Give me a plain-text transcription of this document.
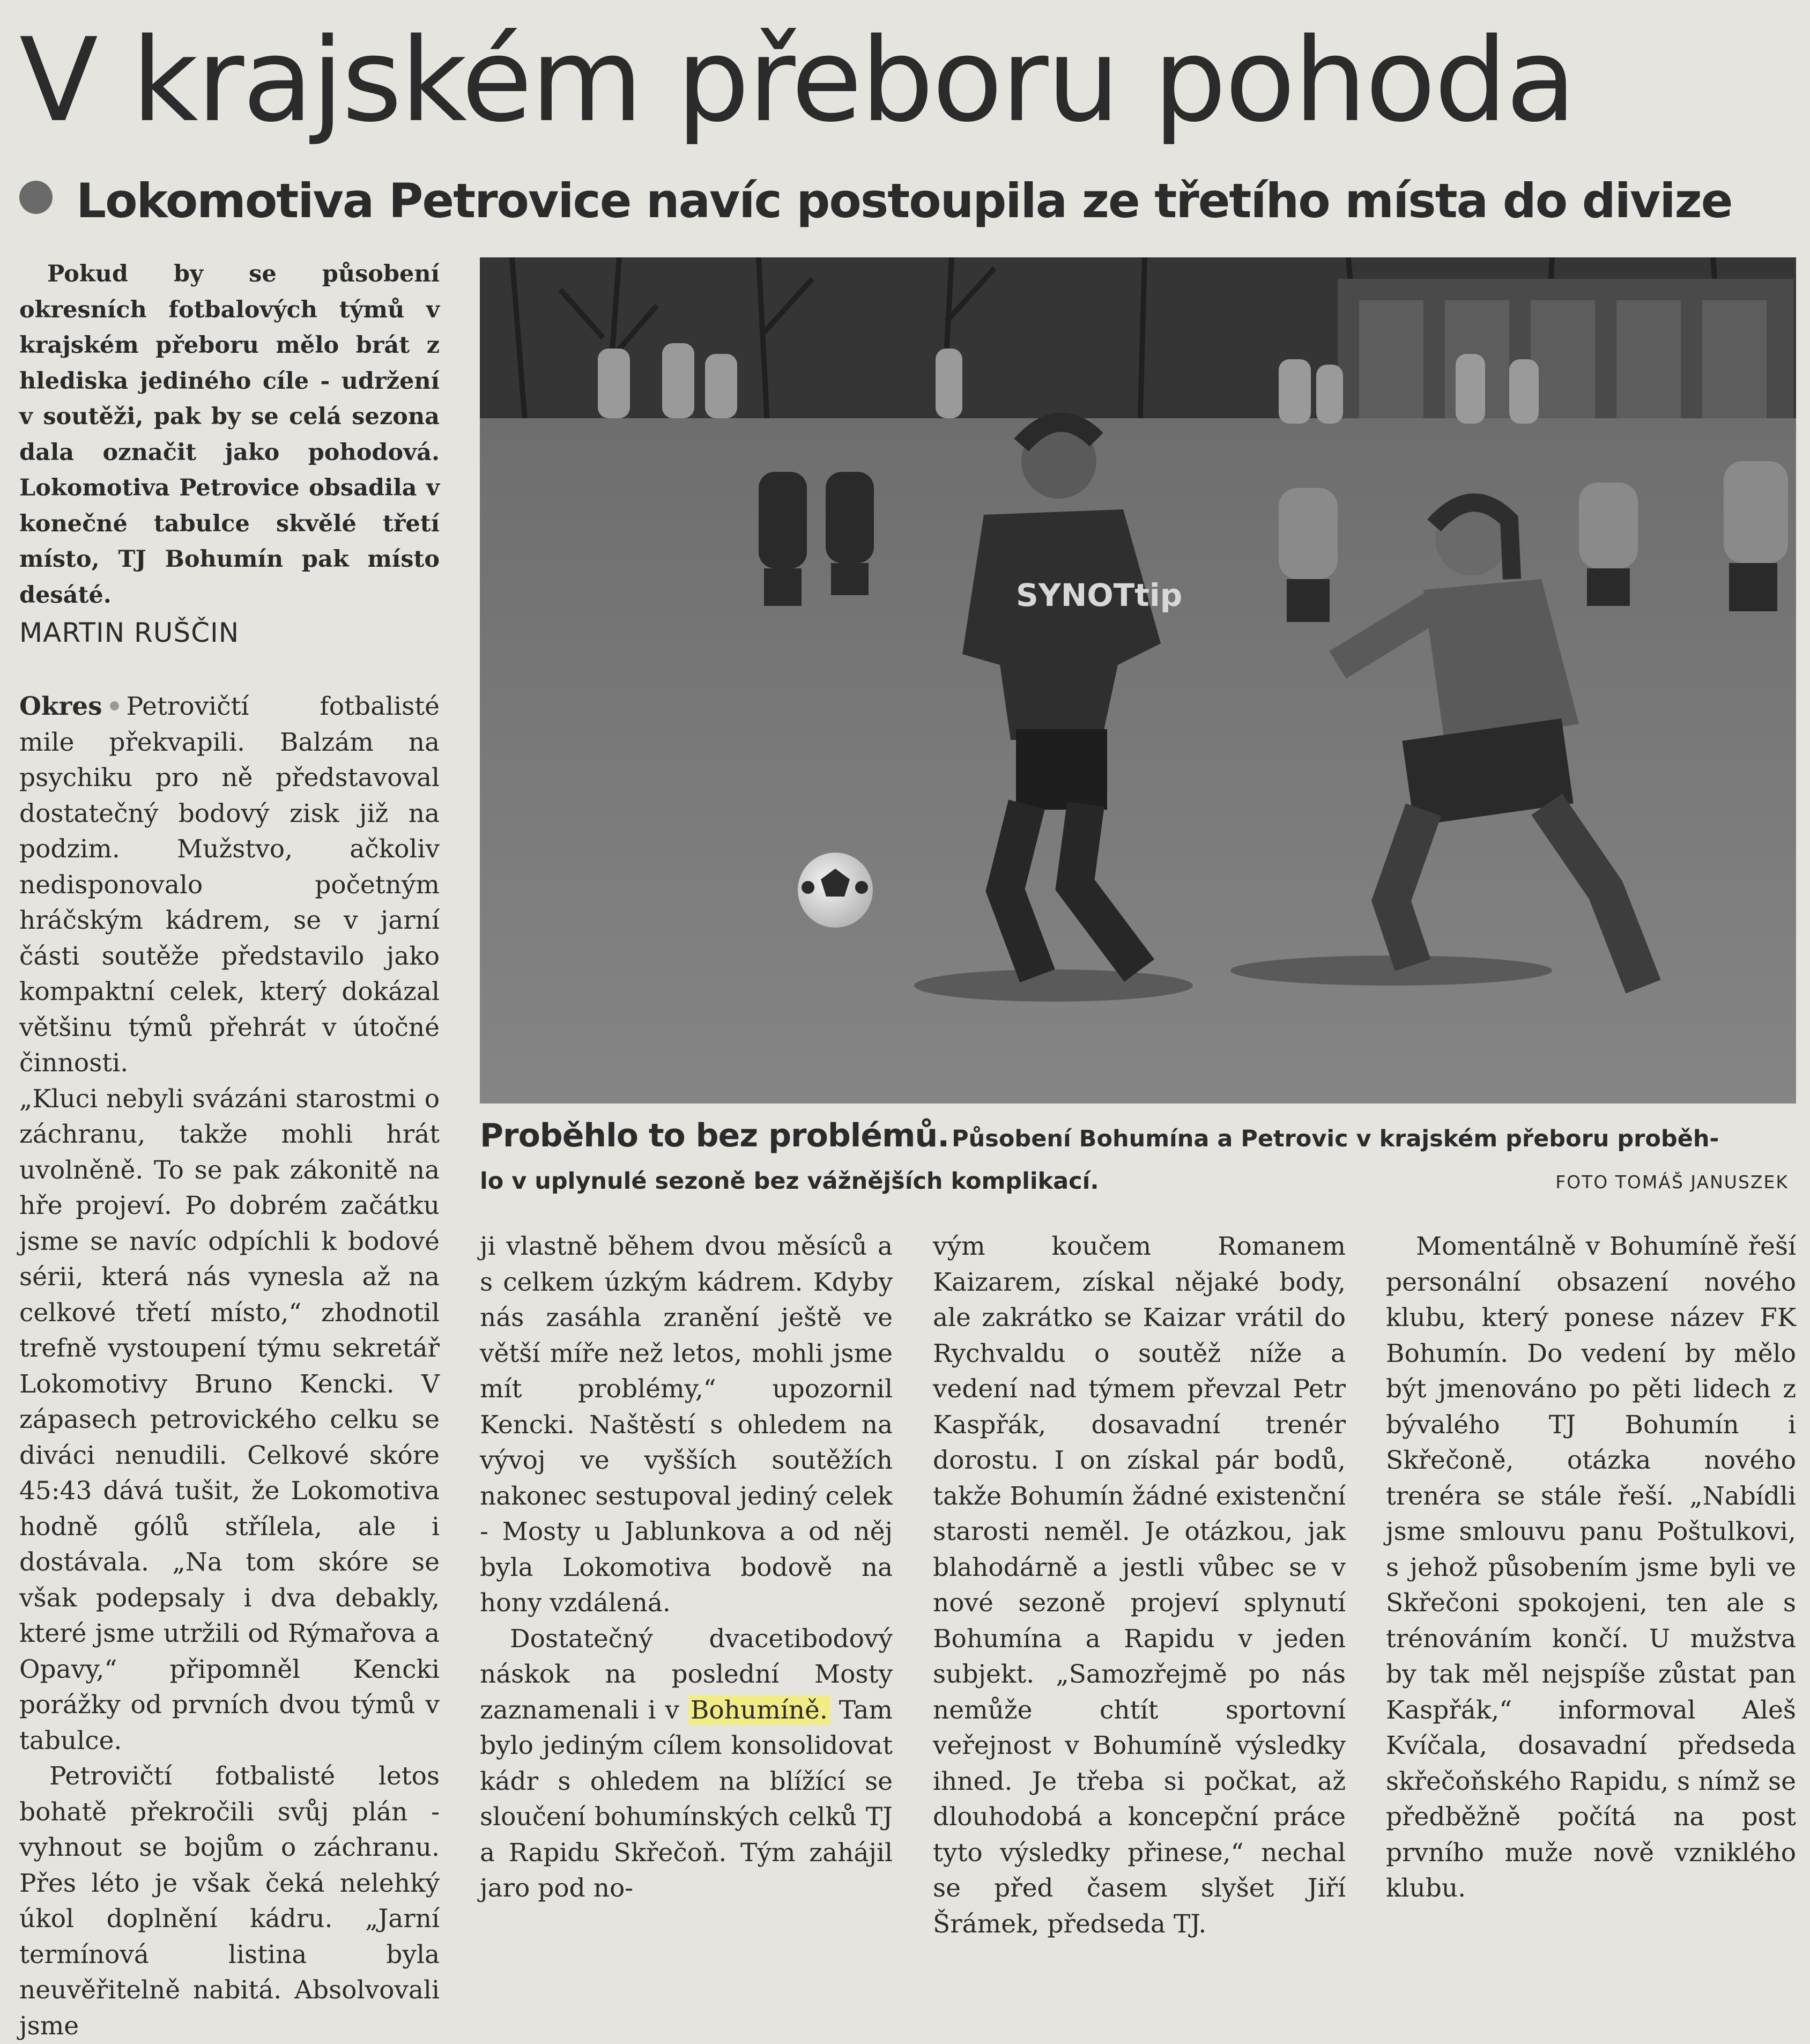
V krajském přeboru pohoda
Lokomotiva Petrovice navíc postoupila ze třetího místa do divize
Pokud by se působení okresních fotbalových týmů v krajském přeboru mělo brát z hlediska jediného cíle - udržení v soutěži, pak by se celá sezona dala označit jako pohodová. Lokomotiva Petrovice obsadila v konečné tabulce skvělé třetí místo, TJ Bohumín pak místo desáté.
MARTIN RUŠČIN

Okres Petrovičtí fotbalisté mile překvapili. Balzám na psychiku pro ně představoval dostatečný bodový zisk již na podzim. Mužstvo, ačkoliv nedisponovalo početným hráčským kádrem, se v jarní části soutěže představilo jako kompaktní celek, který dokázal většinu týmů přehrát v útočné činnosti.

„Kluci nebyli svázáni starostmi o záchranu, takže mohli hrát uvolněně. To se pak zákonitě na hře projeví. Po dobrém začátku jsme se navíc odpíchli k bodové sérii, která nás vynesla až na celkové třetí místo,“ zhodnotil trefně vystoupení týmu sekretář Lokomotivy Bruno Kencki. V zápasech petrovického celku se diváci nenudili. Celkové skóre 45:43 dává tušit, že Lokomotiva hodně gólů střílela, ale i dostávala. „Na tom skóre se však podepsaly i dva debakly, které jsme utržili od Rýmařova a Opavy,“ připomněl Kencki porážky od prvních dvou týmů v tabulce.

Petrovičtí fotbalisté letos bohatě překročili svůj plán - vyhnout se bojům o záchranu. Přes léto je však čeká nelehký úkol doplnění kádru. „Jarní termínová listina byla neuvěřitelně nabitá. Absolvovali jsme

SYNOTtip
Proběhlo to bez problémů. Působení Bohumína a Petrovic v krajském přeboru proběh-
lo v uplynulé sezoně bez vážnějších komplikací.	FOTO TOMÁŠ JANUSZEK

ji vlastně během dvou měsíců a s celkem úzkým kádrem. Kdyby nás zasáhla zranění ještě ve větší míře než letos, mohli jsme mít problémy,“ upozornil Kencki. Naštěstí s ohledem na vývoj ve vyšších soutěžích nakonec sestupoval jediný celek - Mosty u Jablunkova a od něj byla Lokomotiva bodově na hony vzdálená.

Dostatečný dvacetibodový náskok na poslední Mosty zaznamenali i v Bohumíně. Tam bylo jediným cílem konsolidovat kádr s ohledem na blížící se sloučení bohumínských celků TJ a Rapidu Skřečoň. Tým zahájil jaro pod no-

vým koučem Romanem Kaizarem, získal nějaké body, ale zakrátko se Kaizar vrátil do Rychvaldu o soutěž níže a vedení nad týmem převzal Petr Kaspřák, dosavadní trenér dorostu. I on získal pár bodů, takže Bohumín žádné existenční starosti neměl. Je otázkou, jak blahodárně a jestli vůbec se v nové sezoně projeví splynutí Bohumína a Rapidu v jeden subjekt. „Samozřejmě po nás nemůže chtít sportovní veřejnost v Bohumíně výsledky ihned. Je třeba si počkat, až dlouhodobá a koncepční práce tyto výsledky přinese,“ nechal se před časem slyšet Jiří Šrámek, předseda TJ.

Momentálně v Bohumíně řeší personální obsazení nového klubu, který ponese název FK Bohumín. Do vedení by mělo být jmenováno po pěti lidech z bývalého TJ Bohumín i Skřečoně, otázka nového trenéra se stále řeší. „Nabídli jsme smlouvu panu Poštulkovi, s jehož působením jsme byli ve Skřečoni spokojeni, ten ale s trénováním končí. U mužstva by tak měl nejspíše zůstat pan Kaspřák,“ informoval Aleš Kvíčala, dosavadní předseda skřečoňského Rapidu, s nímž se předběžně počítá na post prvního muže nově vzniklého klubu.
